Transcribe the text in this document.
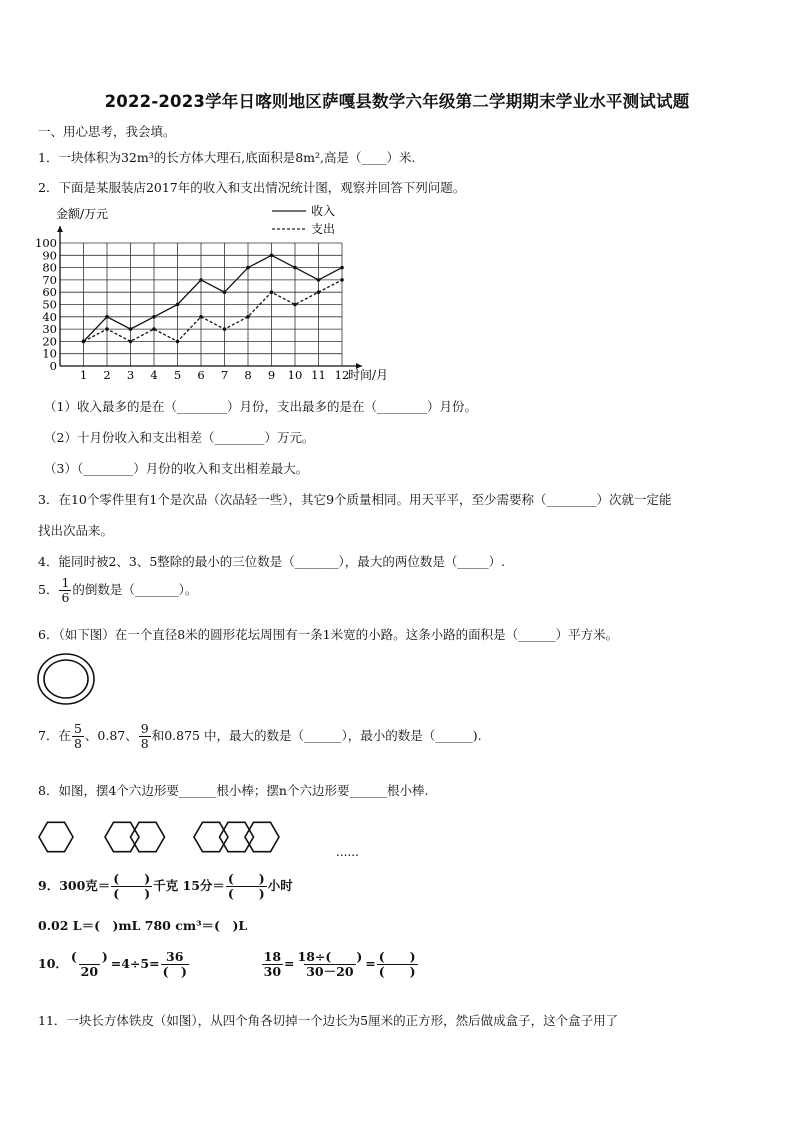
2022-2023学年日喀则地区萨嘎县数学六年级第二学期期末学业水平测试试题
一、用心思考，我会填。
1．一块体积为32m³的长方体大理石,底面积是8m²,高是（____）米.
2．下面是某服装店2017年的收入和支出情况统计图，观察并回答下列问题。
金额/万元
时间/月
0
10
20
30
40
50
60
70
80
90
100
1 2 3 4 5 6 7 8 9 10 11 12
收入
支出
（1）收入最多的是在（________）月份，支出最多的是在（________）月份。
（2）十月份收入和支出相差（________）万元。
（3）（________）月份的收入和支出相差最大。
3．在10个零件里有1个是次品（次品轻一些），其它9个质量相同。用天平平，至少需要称（________）次就一定能
找出次品来。
4．能同时被2、3、5整除的最小的三位数是（_______），最大的两位数是（_____）.
5． $\frac{1}{6}$ 的倒数是（_______）。
6．（如下图）在一个直径8米的圆形花坛周围有一条1米宽的小路。这条小路的面积是（______）平方米。
7．在 $\frac{5}{8}$ 、0.87、 $\frac{9}{8}$ 和0.875 中，最大的数是（______），最小的数是（______).
8．如图，摆4个六边形要______根小棒；摆n个六边形要______根小棒.
......
9．300克＝ $\frac{( )}{( )}$ 千克 15分＝ $\frac{( )}{( )}$ 小时
0.02 L＝(　)mL 780 cm³＝(　)L
10． $\frac{( )}{20} =4\div 5= \frac{36}{( )}$
	$\frac{18}{30} = \frac{18\div( )}{30-20} = \frac{( )}{( )}$
11．一块长方体铁皮（如图），从四个角各切掉一个边长为5厘米的正方形，然后做成盒子，这个盒子用了
